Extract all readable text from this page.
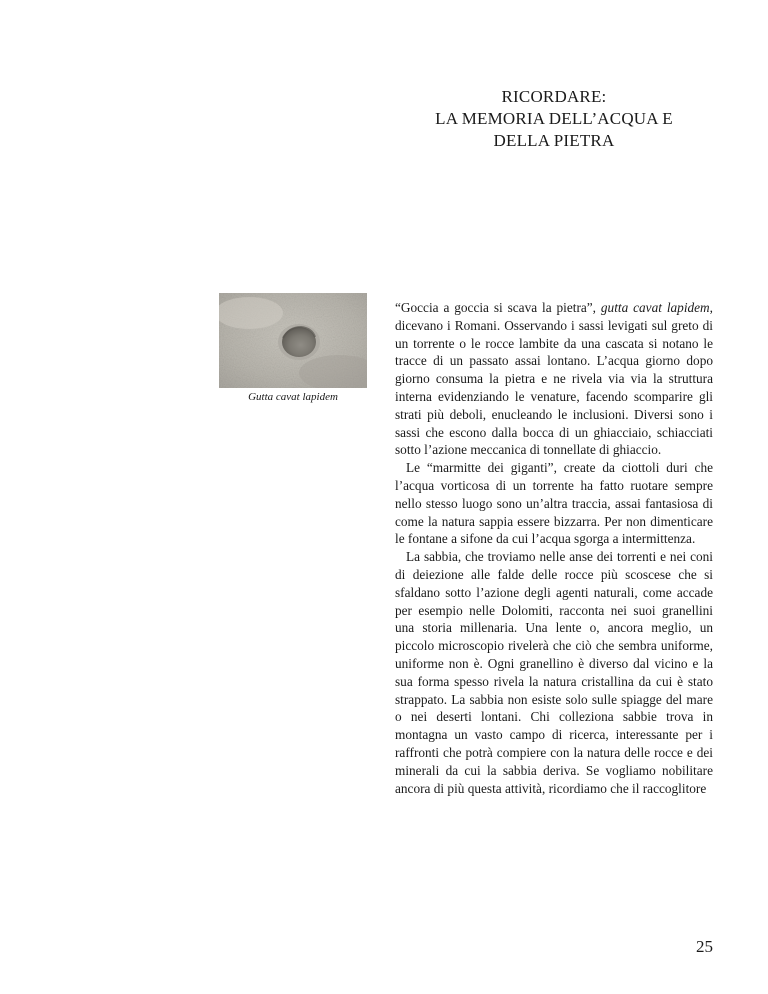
RICORDARE:
LA MEMORIA DELL’ACQUA E
DELLA PIETRA
Gutta cavat lapidem

“Goccia a goccia si scava la pietra”, gutta cavat lapidem, dicevano i Romani. Osservando i sassi levigati sul greto di un torrente o le rocce lambite da una cascata si notano le tracce di un passato assai lontano. L’acqua giorno dopo giorno consuma la pietra e ne rivela via via la struttura interna evidenziando le venature, facendo scomparire gli strati più deboli, enucleando le inclusioni. Diversi sono i sassi che escono dalla bocca di un ghiacciaio, schiacciati sotto l’azione meccanica di tonnellate di ghiaccio.

Le “marmitte dei giganti”, create da ciottoli duri che l’acqua vorticosa di un torrente ha fatto ruotare sempre nello stesso luogo sono un’altra traccia, assai fantasiosa di come la natura sappia essere bizzarra. Per non dimenticare le fontane a sifone da cui l’acqua sgorga a intermittenza.

La sabbia, che troviamo nelle anse dei torrenti e nei coni di deiezione alle falde delle rocce più scoscese che si sfaldano sotto l’azione degli agenti naturali, come accade per esempio nelle Dolomiti, racconta nei suoi granellini una storia millenaria. Una lente o, ancora meglio, un piccolo microscopio rivelerà che ciò che sembra uniforme, uniforme non è. Ogni granellino è diverso dal vicino e la sua forma spesso rivela la natura cristallina da cui è stato strappato. La sabbia non esiste solo sulle spiagge del mare o nei deserti lontani. Chi colleziona sabbie trova in montagna un vasto campo di ricerca, interessante per i raffronti che potrà compiere con la natura delle rocce e dei minerali da cui la sabbia deriva. Se vogliamo nobilitare ancora di più questa attività, ricordiamo che il raccoglitore

25
